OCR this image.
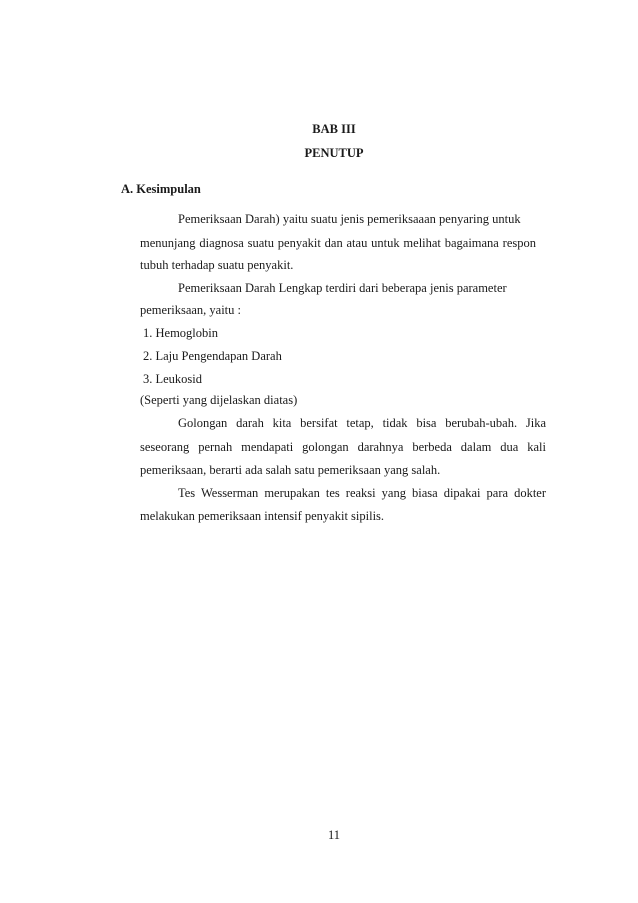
BAB III
PENUTUP
A. Kesimpulan
Pemeriksaan Darah) yaitu suatu jenis pemeriksaaan penyaring untuk
menunjang diagnosa suatu penyakit dan atau untuk melihat bagaimana respon
tubuh terhadap suatu penyakit.
Pemeriksaan Darah Lengkap terdiri dari beberapa jenis parameter
pemeriksaan, yaitu :
1. Hemoglobin
2. Laju Pengendapan Darah
3. Leukosid
(Seperti yang dijelaskan diatas)
Golongan darah kita bersifat tetap, tidak bisa berubah-ubah. Jika
seseorang pernah mendapati golongan darahnya berbeda dalam dua kali
pemeriksaan, berarti ada salah satu pemeriksaan yang salah.
Tes Wesserman merupakan tes reaksi yang biasa dipakai para dokter
melakukan pemeriksaan intensif penyakit sipilis.
11
